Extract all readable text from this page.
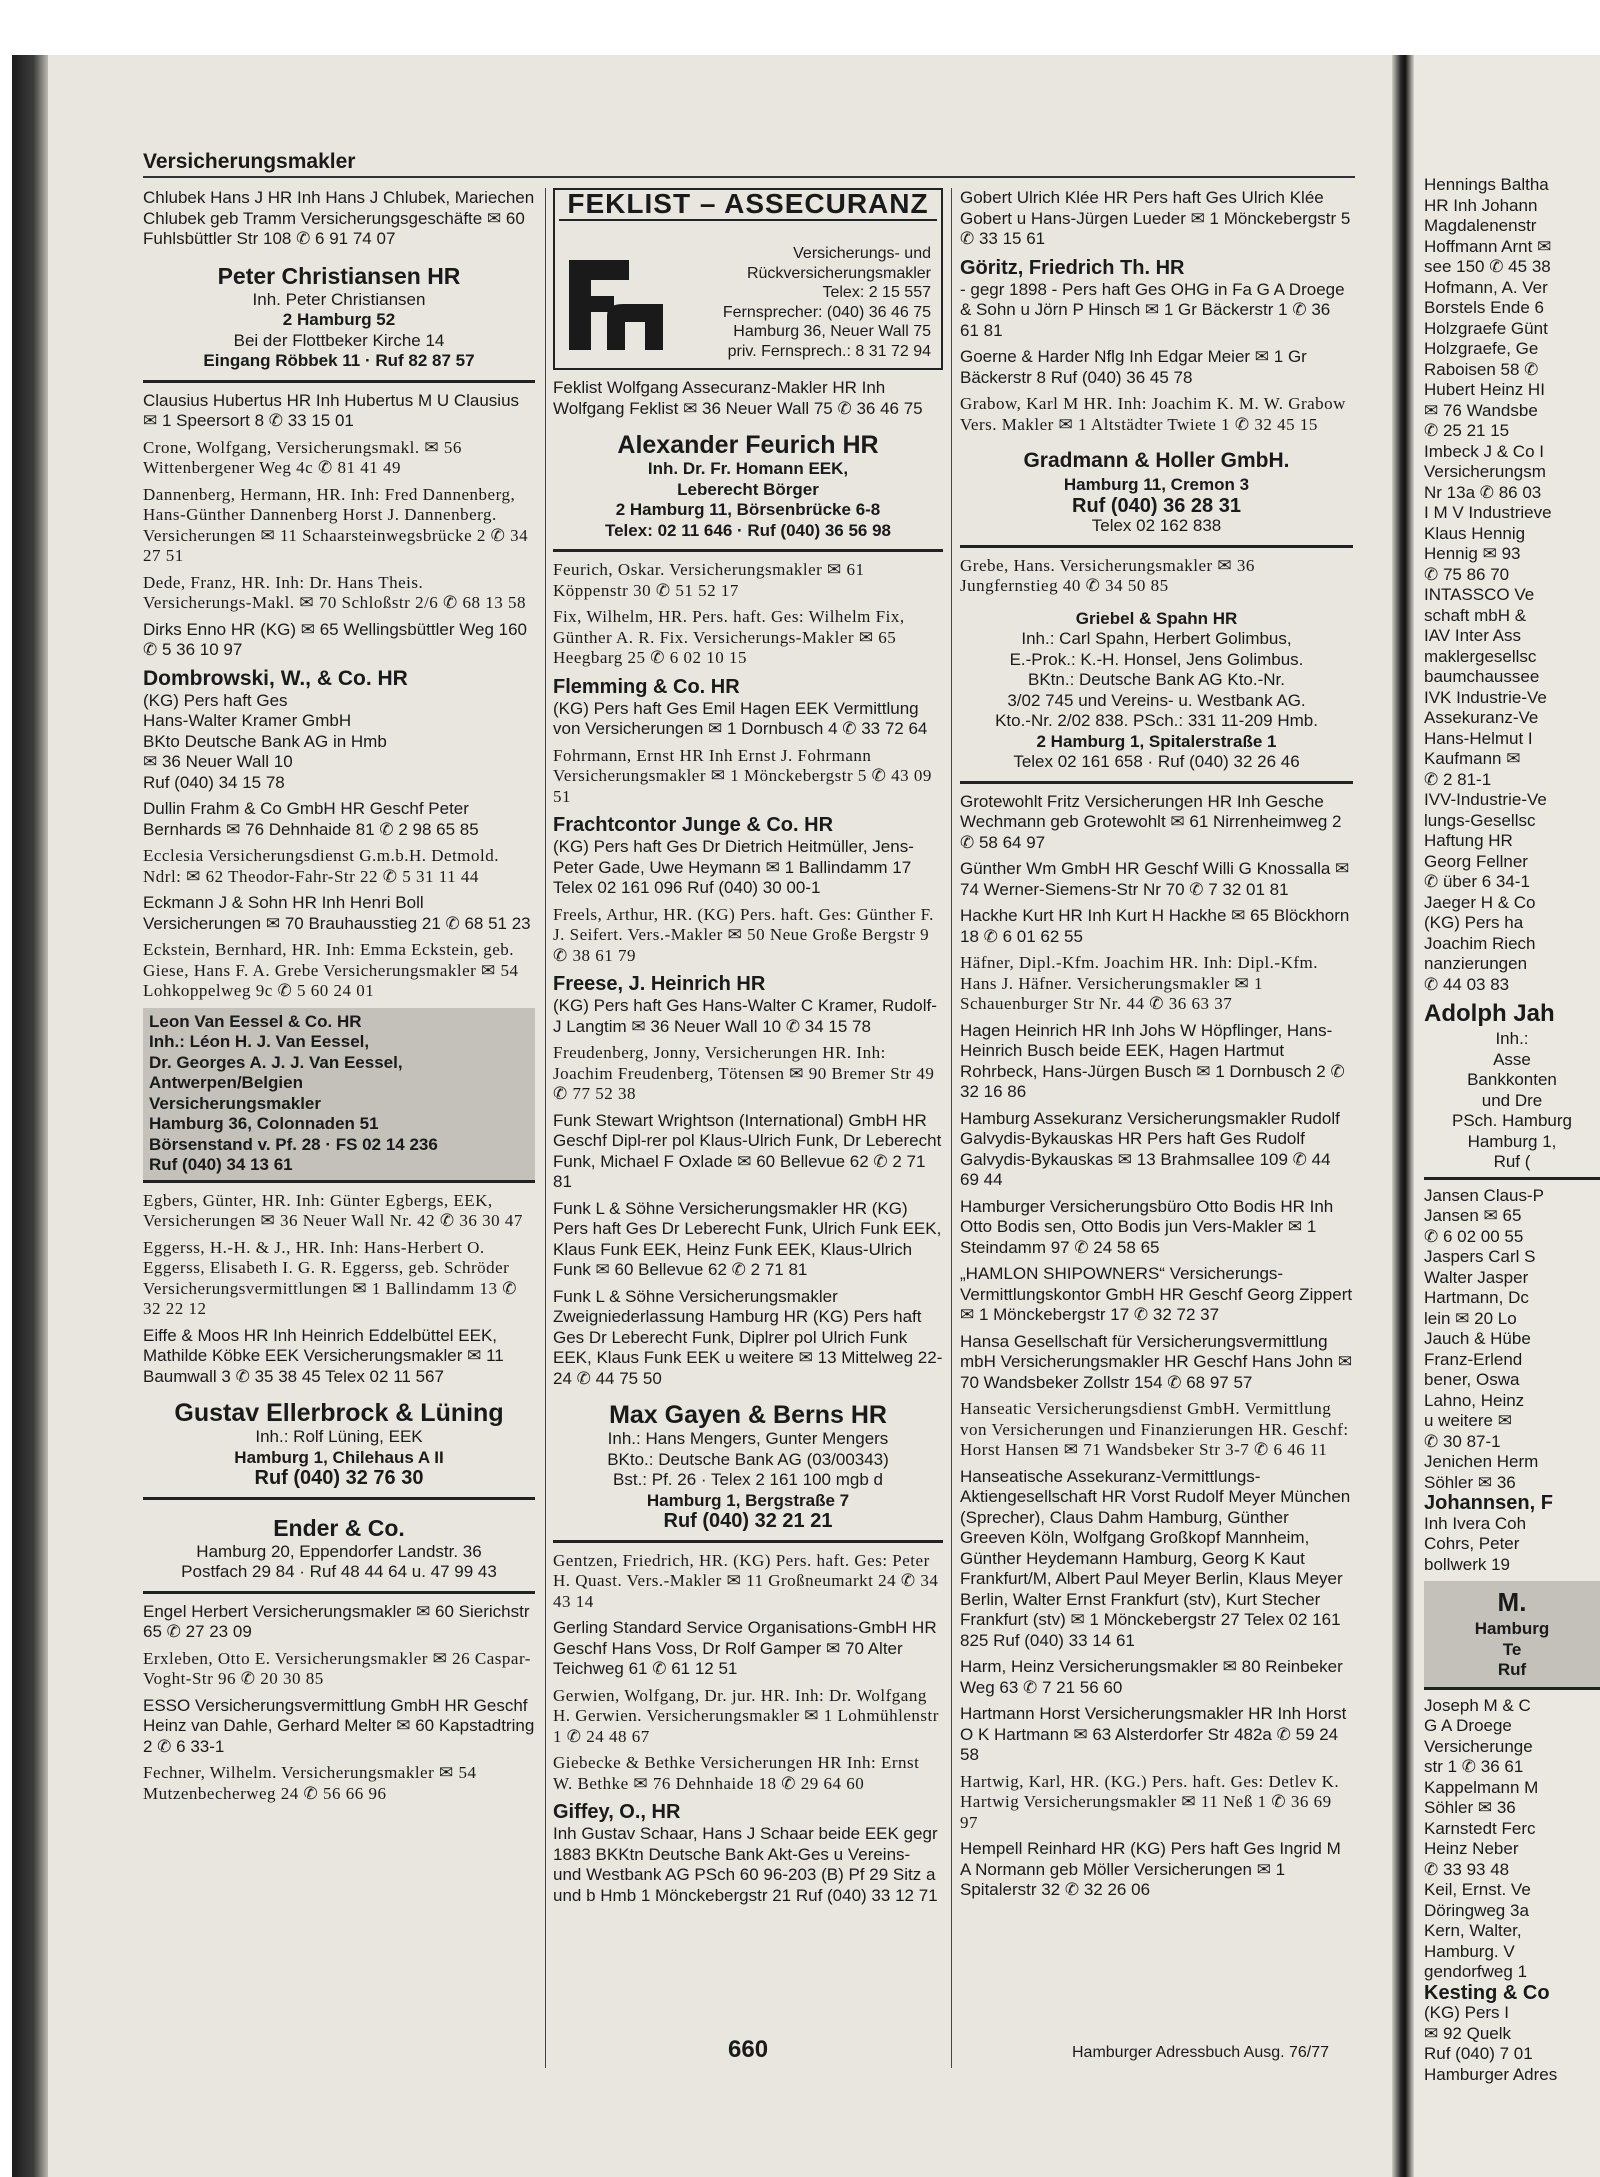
Versicherungsmakler
Chlubek Hans J HR Inh Hans J Chlubek, Mariechen Chlubek geb Tramm Versicherungsgeschäfte ✉ 60 Fuhlsbüttler Str 108 ✆ 6 91 74 07
Peter Christiansen HR
Inh. Peter Christiansen
2 Hamburg 52
Bei der Flottbeker Kirche 14
Eingang Röbbek 11 · Ruf 82 87 57
Clausius Hubertus HR Inh Hubertus M U Clausius ✉ 1 Speersort 8 ✆ 33 15 01
Crone, Wolfgang, Versicherungsmakl. ✉ 56 Wittenbergener Weg 4c ✆ 81 41 49
Dannenberg, Hermann, HR. Inh: Fred Dannenberg, Hans-Günther Dannenberg Horst J. Dannenberg. Versicherungen ✉ 11 Schaarsteinwegsbrücke 2 ✆ 34 27 51
Dede, Franz, HR. Inh: Dr. Hans Theis. Versicherungs-Makl. ✉ 70 Schloßstr 2/6 ✆ 68 13 58
Dirks Enno HR (KG) ✉ 65 Wellingsbüttler Weg 160 ✆ 5 36 10 97
Dombrowski, W., & Co. HR
(KG) Pers haft Ges
Hans-Walter Kramer GmbH
BKto Deutsche Bank AG in Hmb
✉ 36 Neuer Wall 10
Ruf (040) 34 15 78
Dullin Frahm & Co GmbH HR Geschf Peter Bernhards ✉ 76 Dehnhaide 81 ✆ 2 98 65 85
Ecclesia Versicherungsdienst G.m.b.H. Detmold. Ndrl: ✉ 62 Theodor-Fahr-Str 22 ✆ 5 31 11 44
Eckmann J & Sohn HR Inh Henri Boll Versicherungen ✉ 70 Brauhausstieg 21 ✆ 68 51 23
Eckstein, Bernhard, HR. Inh: Emma Eckstein, geb. Giese, Hans F. A. Grebe Versicherungsmakler ✉ 54 Lohkoppelweg 9c ✆ 5 60 24 01
Leon Van Eessel & Co. HR
Inh.: Léon H. J. Van Eessel,
Dr. Georges A. J. J. Van Eessel,
Antwerpen/Belgien
Versicherungsmakler
Hamburg 36, Colonnaden 51
Börsenstand v. Pf. 28 · FS 02 14 236
Ruf (040) 34 13 61
Egbers, Günter, HR. Inh: Günter Egbergs, EEK, Versicherungen ✉ 36 Neuer Wall Nr. 42 ✆ 36 30 47
Eggerss, H.-H. & J., HR. Inh: Hans-Herbert O. Eggerss, Elisabeth I. G. R. Eggerss, geb. Schröder Versicherungsvermittlungen ✉ 1 Ballindamm 13 ✆ 32 22 12
Eiffe & Moos HR Inh Heinrich Eddelbüttel EEK, Mathilde Köbke EEK Versicherungsmakler ✉ 11 Baumwall 3 ✆ 35 38 45 Telex 02 11 567
Gustav Ellerbrock & Lüning
Inh.: Rolf Lüning, EEK
Hamburg 1, Chilehaus A II
Ruf (040) 32 76 30
Ender & Co.
Hamburg 20, Eppendorfer Landstr. 36
Postfach 29 84 · Ruf 48 44 64 u. 47 99 43
Engel Herbert Versicherungsmakler ✉ 60 Sierichstr 65 ✆ 27 23 09
Erxleben, Otto E. Versicherungsmakler ✉ 26 Caspar-Voght-Str 96 ✆ 20 30 85
ESSO Versicherungsvermittlung GmbH HR Geschf Heinz van Dahle, Gerhard Melter ✉ 60 Kapstadtring 2 ✆ 6 33-1
Fechner, Wilhelm. Versicherungsmakler ✉ 54 Mutzenbecherweg 24 ✆ 56 66 96
FEKLIST – ASSECURANZ
Versicherungs- und
Rückversicherungsmakler
Telex: 2 15 557
Fernsprecher: (040) 36 46 75
Hamburg 36, Neuer Wall 75
priv. Fernsprech.: 8 31 72 94
Feklist Wolfgang Assecuranz-Makler HR Inh Wolfgang Feklist ✉ 36 Neuer Wall 75 ✆ 36 46 75
Alexander Feurich HR
Inh. Dr. Fr. Homann EEK,
Leberecht Börger
2 Hamburg 11, Börsenbrücke 6-8
Telex: 02 11 646 · Ruf (040) 36 56 98
Feurich, Oskar. Versicherungsmakler ✉ 61 Köppenstr 30 ✆ 51 52 17
Fix, Wilhelm, HR. Pers. haft. Ges: Wilhelm Fix, Günther A. R. Fix. Versicherungs-Makler ✉ 65 Heegbarg 25 ✆ 6 02 10 15
Flemming & Co. HR
(KG) Pers haft Ges Emil Hagen EEK Vermittlung von Versicherungen ✉ 1 Dornbusch 4 ✆ 33 72 64
Fohrmann, Ernst HR Inh Ernst J. Fohrmann Versicherungsmakler ✉ 1 Mönckebergstr 5 ✆ 43 09 51
Frachtcontor Junge & Co. HR
(KG) Pers haft Ges Dr Dietrich Heitmüller, Jens-Peter Gade, Uwe Heymann ✉ 1 Ballindamm 17
Telex 02 161 096 Ruf (040) 30 00-1
Freels, Arthur, HR. (KG) Pers. haft. Ges: Günther F. J. Seifert. Vers.-Makler ✉ 50 Neue Große Bergstr 9 ✆ 38 61 79
Freese, J. Heinrich HR
(KG) Pers haft Ges Hans-Walter C Kramer, Rudolf-J Langtim ✉ 36 Neuer Wall 10 ✆ 34 15 78
Freudenberg, Jonny, Versicherungen HR. Inh: Joachim Freudenberg, Tötensen ✉ 90 Bremer Str 49 ✆ 77 52 38
Funk Stewart Wrightson (International) GmbH HR Geschf Dipl-rer pol Klaus-Ulrich Funk, Dr Leberecht Funk, Michael F Oxlade ✉ 60 Bellevue 62 ✆ 2 71 81
Funk L & Söhne Versicherungsmakler HR (KG) Pers haft Ges Dr Leberecht Funk, Ulrich Funk EEK, Klaus Funk EEK, Heinz Funk EEK, Klaus-Ulrich Funk ✉ 60 Bellevue 62 ✆ 2 71 81
Funk L & Söhne Versicherungsmakler Zweigniederlassung Hamburg HR (KG) Pers haft Ges Dr Leberecht Funk, Diplrer pol Ulrich Funk EEK, Klaus Funk EEK u weitere ✉ 13 Mittelweg 22-24 ✆ 44 75 50
Max Gayen & Berns HR
Inh.: Hans Mengers, Gunter Mengers
BKto.: Deutsche Bank AG (03/00343)
Bst.: Pf. 26 · Telex 2 161 100 mgb d
Hamburg 1, Bergstraße 7
Ruf (040) 32 21 21
Gentzen, Friedrich, HR. (KG) Pers. haft. Ges: Peter H. Quast. Vers.-Makler ✉ 11 Großneumarkt 24 ✆ 34 43 14
Gerling Standard Service Organisations-GmbH HR Geschf Hans Voss, Dr Rolf Gamper ✉ 70 Alter Teichweg 61 ✆ 61 12 51
Gerwien, Wolfgang, Dr. jur. HR. Inh: Dr. Wolfgang H. Gerwien. Versicherungsmakler ✉ 1 Lohmühlenstr 1 ✆ 24 48 67
Giebecke & Bethke Versicherungen HR Inh: Ernst W. Bethke ✉ 76 Dehnhaide 18 ✆ 29 64 60
Giffey, O., HR
Inh Gustav Schaar, Hans J Schaar beide EEK gegr 1883 BKKtn Deutsche Bank Akt-Ges u Vereins- und Westbank AG PSch 60 96-203 (B) Pf 29 Sitz a und b Hmb 1 Mönckebergstr 21 Ruf (040) 33 12 71
Gobert Ulrich Klée HR Pers haft Ges Ulrich Klée Gobert u Hans-Jürgen Lueder ✉ 1 Mönckebergstr 5 ✆ 33 15 61
Göritz, Friedrich Th. HR
- gegr 1898 - Pers haft Ges OHG in Fa G A Droege & Sohn u Jörn P Hinsch ✉ 1 Gr Bäckerstr 1 ✆ 36 61 81
Goerne & Harder Nflg Inh Edgar Meier ✉ 1 Gr Bäckerstr 8 Ruf (040) 36 45 78
Grabow, Karl M HR. Inh: Joachim K. M. W. Grabow Vers. Makler ✉ 1 Altstädter Twiete 1 ✆ 32 45 15
Gradmann & Holler GmbH.
Hamburg 11, Cremon 3
Ruf (040) 36 28 31
Telex 02 162 838
Grebe, Hans. Versicherungsmakler ✉ 36 Jungfernstieg 40 ✆ 34 50 85
Griebel & Spahn HR
Inh.: Carl Spahn, Herbert Golimbus,
E.-Prok.: K.-H. Honsel, Jens Golimbus.
BKtn.: Deutsche Bank AG Kto.-Nr.
3/02 745 und Vereins- u. Westbank AG.
Kto.-Nr. 2/02 838. PSch.: 331 11-209 Hmb.
2 Hamburg 1, Spitalerstraße 1
Telex 02 161 658 · Ruf (040) 32 26 46
Grotewohlt Fritz Versicherungen HR Inh Gesche Wechmann geb Grotewohlt ✉ 61 Nirrenheimweg 2 ✆ 58 64 97
Günther Wm GmbH HR Geschf Willi G Knossalla ✉ 74 Werner-Siemens-Str Nr 70 ✆ 7 32 01 81
Hackhe Kurt HR Inh Kurt H Hackhe ✉ 65 Blöckhorn 18 ✆ 6 01 62 55
Häfner, Dipl.-Kfm. Joachim HR. Inh: Dipl.-Kfm. Hans J. Häfner. Versicherungsmakler ✉ 1 Schauenburger Str Nr. 44 ✆ 36 63 37
Hagen Heinrich HR Inh Johs W Höpflinger, Hans-Heinrich Busch beide EEK, Hagen Hartmut Rohrbeck, Hans-Jürgen Busch ✉ 1 Dornbusch 2 ✆ 32 16 86
Hamburg Assekuranz Versicherungsmakler Rudolf Galvydis-Bykauskas HR Pers haft Ges Rudolf Galvydis-Bykauskas ✉ 13 Brahmsallee 109 ✆ 44 69 44
Hamburger Versicherungsbüro Otto Bodis HR Inh Otto Bodis sen, Otto Bodis jun Vers-Makler ✉ 1 Steindamm 97 ✆ 24 58 65
„HAMLON SHIPOWNERS“ Versicherungs-Vermittlungskontor GmbH HR Geschf Georg Zippert ✉ 1 Mönckebergstr 17 ✆ 32 72 37
Hansa Gesellschaft für Versicherungsvermittlung mbH Versicherungsmakler HR Geschf Hans John ✉ 70 Wandsbeker Zollstr 154 ✆ 68 97 57
Hanseatic Versicherungsdienst GmbH. Vermittlung von Versicherungen und Finanzierungen HR. Geschf: Horst Hansen ✉ 71 Wandsbeker Str 3-7 ✆ 6 46 11
Hanseatische Assekuranz-Vermittlungs-Aktiengesellschaft HR Vorst Rudolf Meyer München (Sprecher), Claus Dahm Hamburg, Günther Greeven Köln, Wolfgang Großkopf Mannheim, Günther Heydemann Hamburg, Georg K Kaut Frankfurt/M, Albert Paul Meyer Berlin, Klaus Meyer Berlin, Walter Ernst Frankfurt (stv), Kurt Stecher Frankfurt (stv) ✉ 1 Mönckebergstr 27 Telex 02 161 825 Ruf (040) 33 14 61
Harm, Heinz Versicherungsmakler ✉ 80 Reinbeker Weg 63 ✆ 7 21 56 60
Hartmann Horst Versicherungsmakler HR Inh Horst O K Hartmann ✉ 63 Alsterdorfer Str 482a ✆ 59 24 58
Hartwig, Karl, HR. (KG.) Pers. haft. Ges: Detlev K. Hartwig Versicherungsmakler ✉ 11 Neß 1 ✆ 36 69 97
Hempell Reinhard HR (KG) Pers haft Ges Ingrid M A Normann geb Möller Versicherungen ✉ 1 Spitalerstr 32 ✆ 32 26 06
Hennings Baltha
HR Inh Johann
Magdalenenstr
Hoffmann Arnt ✉
see 150 ✆ 45 38
Hofmann, A. Ver
Borstels Ende 6
Holzgraefe Günt
Holzgraefe, Ge
Raboisen 58 ✆
Hubert Heinz HI
✉ 76 Wandsbe
✆ 25 21 15
Imbeck J & Co I
Versicherungsm
Nr 13a ✆ 86 03
I M V Industrieve
Klaus Hennig
Hennig ✉ 93
✆ 75 86 70
INTASSCO Ve
schaft mbH &
IAV Inter Ass
maklergesellsc
baumchaussee
IVK Industrie-Ve
Assekuranz-Ve
Hans-Helmut I
Kaufmann ✉
✆ 2 81-1
IVV-Industrie-Ve
lungs-Gesellsc
Haftung HR
Georg Fellner
✆ über 6 34-1
Jaeger H & Co
(KG) Pers ha
Joachim Riech
nanzierungen
✆ 44 03 83
Adolph Jah
Inh.:
Asse
Bankkonten
und Dre
PSch. Hamburg
Hamburg 1,
Ruf (
Jansen Claus-P
Jansen ✉ 65
✆ 6 02 00 55
Jaspers Carl S
Walter Jasper
Hartmann, Dc
lein ✉ 20 Lo
Jauch & Hübe
Franz-Erlend
bener, Oswa
Lahno, Heinz
u weitere ✉
✆ 30 87-1
Jenichen Herm
Söhler ✉ 36
Johannsen, F
Inh Ivera Coh
Cohrs, Peter
bollwerk 19
M.
Hamburg
Te
Ruf
Joseph M & C
G A Droege
Versicherunge
str 1 ✆ 36 61
Kappelmann M
Söhler ✉ 36
Karnstedt Ferc
Heinz Neber
✆ 33 93 48
Keil, Ernst. Ve
Döringweg 3a
Kern, Walter,
Hamburg. V
gendorfweg 1
Kesting & Co
(KG) Pers I
✉ 92 Quelk
Ruf (040) 7 01
Hamburger Adres
660	Hamburger Adressbuch Ausg. 76/77
